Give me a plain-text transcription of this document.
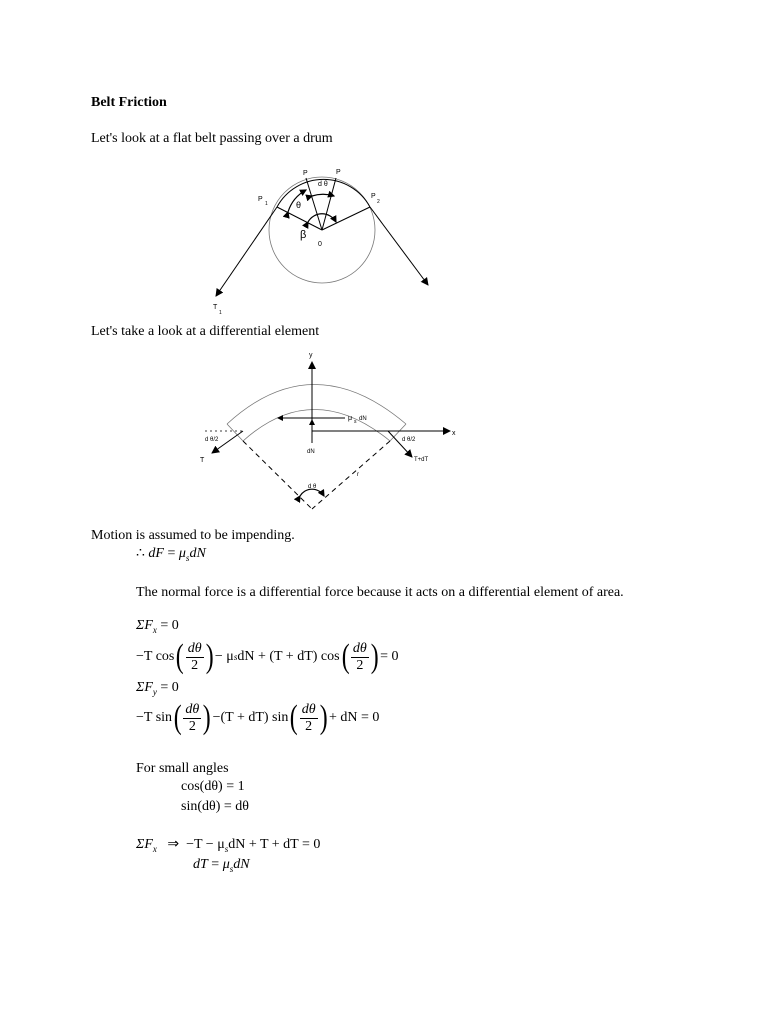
Belt Friction
Let's look at a flat belt passing over a drum
P	P
d θ
P
1
P
2
θ
β
0
T
1
Let's take a look at a differential element
y
x
μ s dN
d θ/2	d θ/2
T	T+dT
dN
r
d θ
Motion is assumed to be impending.
∴ dF = $\mu_sdN$
The normal force is a differential force because it acts on a differential element of area.
$\Sigma F_x = 0$
−T cos ( $\frac{d\theta}{2}$ ) − μ s dN + (T + dT) cos ( $\frac{d\theta}{2}$ ) = 0
$\Sigma F_y = 0$
−T sin ( $\frac{d\theta}{2}$ ) −(T + dT) sin ( $\frac{d\theta}{2}$ ) + dN = 0
For small angles
cos(dθ) = 1
sin(dθ) = dθ
$\Sigma F_x$ ⇒ $-T - \mu_sdN + T$ + dT = 0
dT = $\mu_sdN$
